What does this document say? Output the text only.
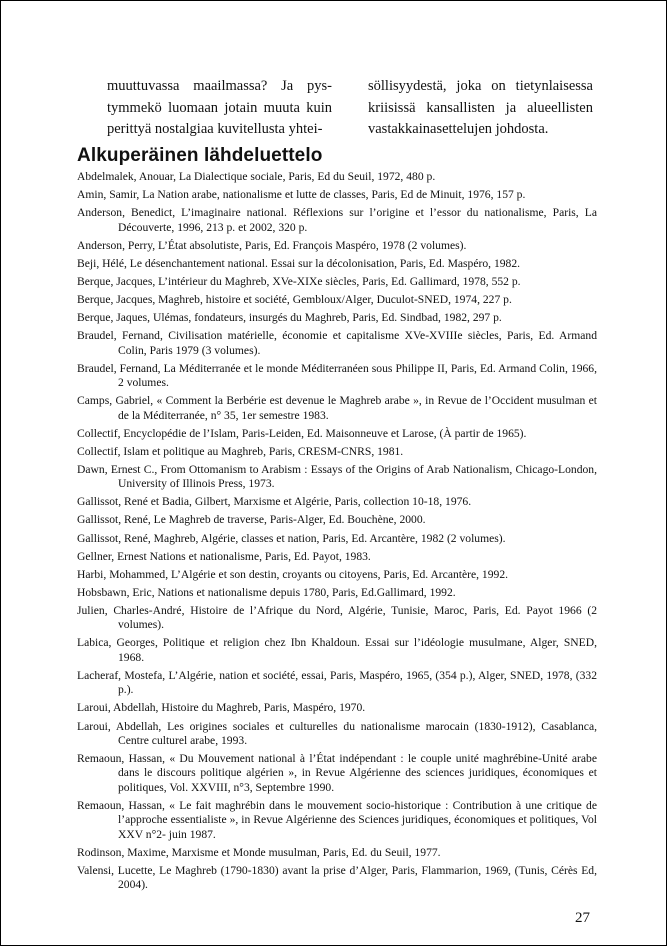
muuttuvassa maailmassa? Ja pys-
tymmekö luomaan jotain muuta kuin
perittyä nostalgiaa kuvitellusta yhtei-
söllisyydestä, joka on tietynlaisessa
kriisissä kansallisten ja alueellisten
vastakkainasettelujen johdosta.
Alkuperäinen lähdeluettelo
Abdelmalek, Anouar, La Dialectique sociale, Paris, Ed du Seuil, 1972, 480 p.
Amin, Samir, La Nation arabe, nationalisme et lutte de classes, Paris, Ed de Minuit, 1976, 157 p.
Anderson, Benedict, L’imaginaire national. Réflexions sur l’origine et l’essor du nationalisme, Paris, La Découverte, 1996, 213 p. et 2002, 320 p.
Anderson, Perry, L’État absolutiste, Paris, Ed. François Maspéro, 1978 (2 volumes).
Beji, Hélé, Le désenchantement national. Essai sur la décolonisation, Paris, Ed. Maspéro, 1982.
Berque, Jacques, L’intérieur du Maghreb, XVe-XIXe siècles, Paris, Ed. Gallimard, 1978, 552 p.
Berque, Jacques, Maghreb, histoire et société, Gembloux/Alger, Duculot-SNED, 1974, 227 p.
Berque, Jaques, Ulémas, fondateurs, insurgés du Maghreb, Paris, Ed. Sindbad, 1982, 297 p.
Braudel, Fernand, Civilisation matérielle, économie et capitalisme XVe-XVIIIe siècles, Paris, Ed. Armand Colin, Paris 1979 (3 volumes).
Braudel, Fernand, La Méditerranée et le monde Méditerranéen sous Philippe II, Paris, Ed. Armand Colin, 1966, 2 volumes.
Camps, Gabriel, « Comment la Berbérie est devenue le Maghreb arabe », in Revue de l’Occident musulman et de la Méditerranée, n° 35, 1er semestre 1983.
Collectif, Encyclopédie de l’Islam, Paris-Leiden, Ed. Maisonneuve et Larose, (À partir de 1965).
Collectif, Islam et politique au Maghreb, Paris, CRESM-CNRS, 1981.
Dawn, Ernest C., From Ottomanism to Arabism : Essays of the Origins of Arab Nationalism, Chicago-London, University of Illinois Press, 1973.
Gallissot, René et Badia, Gilbert, Marxisme et Algérie, Paris, collection 10-18, 1976.
Gallissot, René, Le Maghreb de traverse, Paris-Alger, Ed. Bouchène, 2000.
Gallissot, René, Maghreb, Algérie, classes et nation, Paris, Ed. Arcantère, 1982 (2 volumes).
Gellner, Ernest Nations et nationalisme, Paris, Ed. Payot, 1983.
Harbi, Mohammed, L’Algérie et son destin, croyants ou citoyens, Paris, Ed. Arcantère, 1992.
Hobsbawn, Eric, Nations et nationalisme depuis 1780, Paris, Ed.Gallimard, 1992.
Julien, Charles-André, Histoire de l’Afrique du Nord, Algérie, Tunisie, Maroc, Paris, Ed. Payot 1966 (2 volumes).
Labica, Georges, Politique et religion chez Ibn Khaldoun. Essai sur l’idéologie musulmane, Alger, SNED, 1968.
Lacheraf, Mostefa, L’Algérie, nation et société, essai, Paris, Maspéro, 1965, (354 p.), Alger, SNED, 1978, (332 p.).
Laroui, Abdellah, Histoire du Maghreb, Paris, Maspéro, 1970.
Laroui, Abdellah, Les origines sociales et culturelles du nationalisme marocain (1830-1912), Casablanca, Centre culturel arabe, 1993.
Remaoun, Hassan, « Du Mouvement national à l’État indépendant : le couple unité maghrébine-Unité arabe dans le discours politique algérien », in Revue Algérienne des sciences juridiques, économiques et politiques, Vol. XXVIII, n°3, Septembre 1990.
Remaoun, Hassan, « Le fait maghrébin dans le mouvement socio-historique : Contribution à une critique de l’approche essentialiste », in Revue Algérienne des Sciences juridiques, économiques et politiques, Vol XXV n°2- juin 1987.
Rodinson, Maxime, Marxisme et Monde musulman, Paris, Ed. du Seuil, 1977.
Valensi, Lucette, Le Maghreb (1790-1830) avant la prise d’Alger, Paris, Flammarion, 1969, (Tunis, Cérès Ed, 2004).
27
